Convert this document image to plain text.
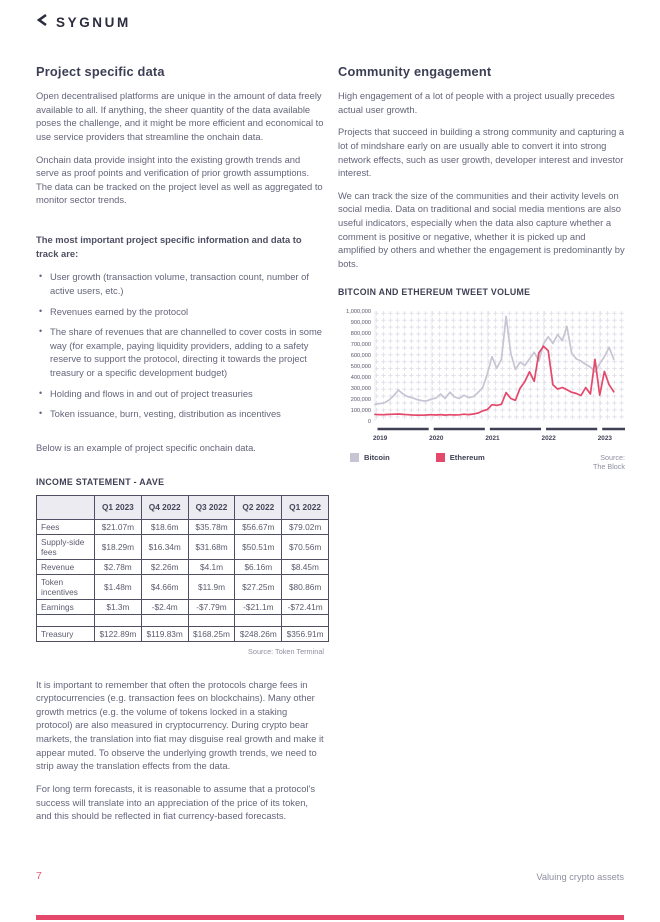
SYGNUM
Project specific data

Open decentralised platforms are unique in the amount of data freely available to all. If anything, the sheer quantity of the data available poses the challenge, and it might be more efficient and economical to use service providers that streamline the onchain data.

Onchain data provide insight into the existing growth trends and serve as proof points and verification of prior growth assumptions. The data can be tracked on the project level as well as aggregated to monitor sector trends.

The most important project specific information and data to track are:

• User growth (transaction volume, transaction count, number of active users, etc.)
• Revenues earned by the protocol
• The share of revenues that are channelled to cover costs in some way (for example, paying liquidity providers, adding to a safety reserve to support the protocol, directing it towards the project treasury or a specific development budget)
• Holding and flows in and out of project treasuries
• Token issuance, burn, vesting, distribution as incentives

Below is an example of project specific onchain data.

INCOME STATEMENT - AAVE
	Q1 2023	Q4 2022	Q3 2022	Q2 2022	Q1 2022
Fees	$21.07m	$18.6m	$35.78m	$56.67m	$79.02m
Supply-side fees	$18.29m	$16.34m	$31.68m	$50.51m	$70.56m
Revenue	$2.78m	$2.26m	$4.1m	$6.16m	$8.45m
Token incentives	$1.48m	$4.66m	$11.9m	$27.25m	$80.86m
Earnings	$1.3m	-$2.4m	-$7.79m	-$21.1m	-$72.41m

Treasury	$122.89m	$119.83m	$168.25m	$248.26m	$356.91m
Source: Token Terminal

It is important to remember that often the protocols charge fees in cryptocurrencies (e.g. transaction fees on blockchains). Many other growth metrics (e.g. the volume of tokens locked in a staking protocol) are also measured in cryptocurrency. During crypto bear markets, the translation into fiat may disguise real growth and make it appear muted. To observe the underlying growth trends, we need to strip away the translation effects from the data.

For long term forecasts, it is reasonable to assume that a protocol's success will translate into an appreciation of the price of its token, and this should be reflected in fiat currency-based forecasts.

Community engagement

High engagement of a lot of people with a project usually precedes actual user growth.

Projects that succeed in building a strong community and capturing a lot of mindshare early on are usually able to convert it into strong network effects, such as user growth, developer interest and investor interest.

We can track the size of the communities and their activity levels on social media. Data on traditional and social media mentions are also useful indicators, especially when the data also capture whether a comment is positive or negative, whether it is picked up and amplified by others and whether the engagement is predominantly by bots.

BITCOIN AND ETHEREUM TWEET VOLUME
0
100,000
200,000
300,000
400,000
500,000
600,000
700,000
800,000
900,000
1,000,000
2019	2020	2021	2022	2023
Bitcoin	Ethereum	Source:
The Block
7	Valuing crypto assets
